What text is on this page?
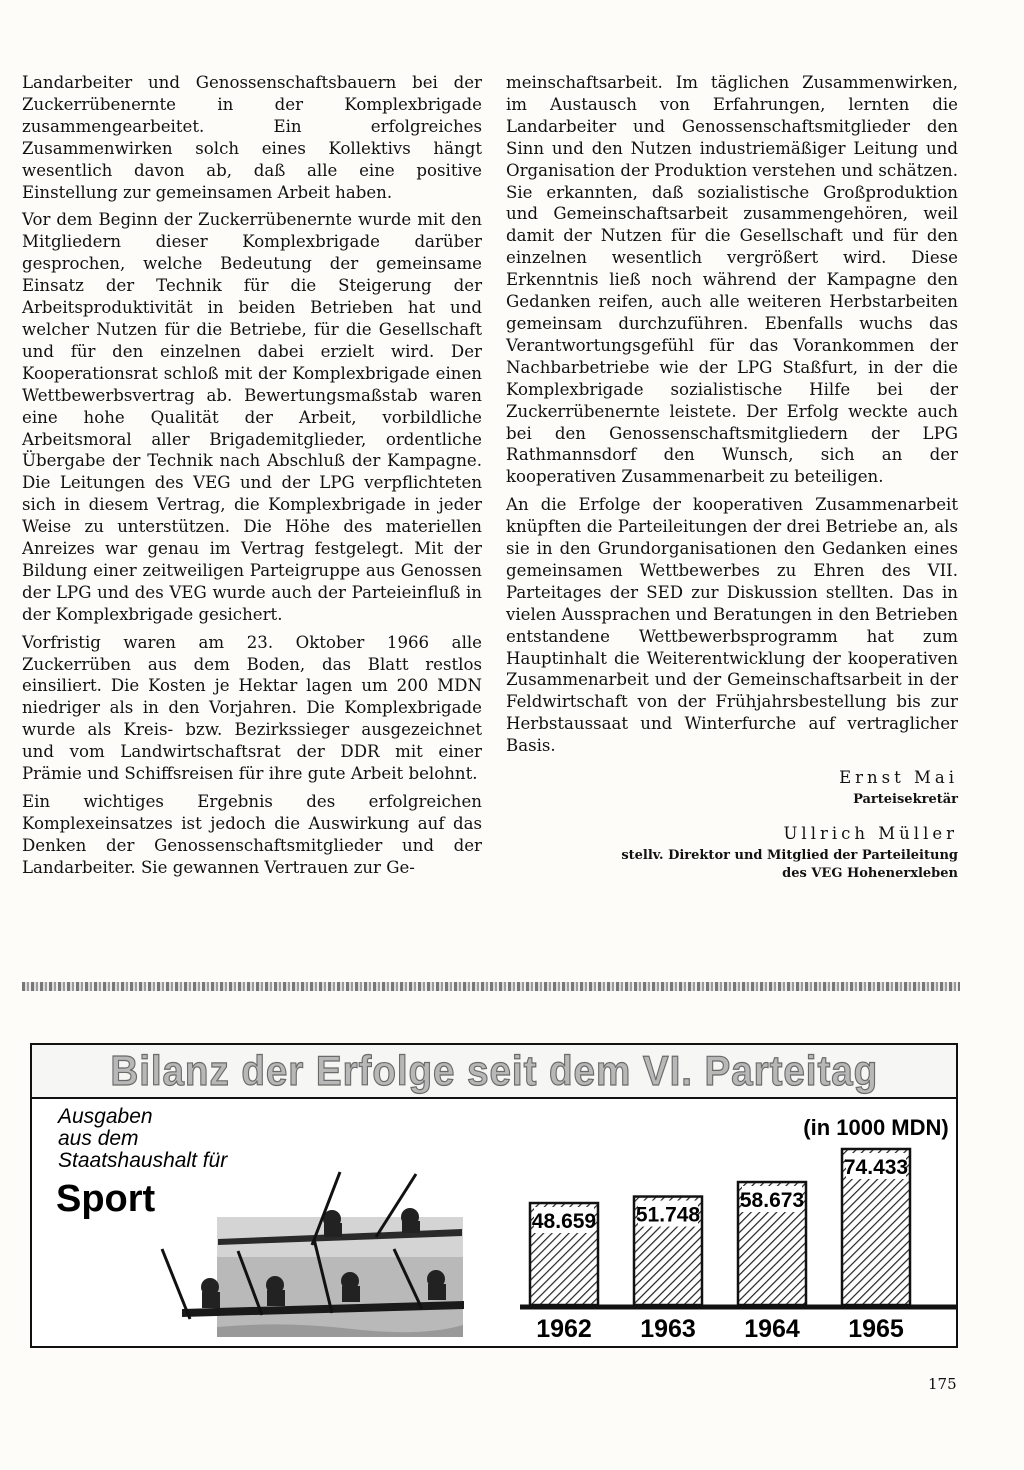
Landarbeiter und Genossenschaftsbauern bei der Zuckerrübenernte in der Komplexbrigade zusammengearbeitet. Ein erfolgreiches Zusammenwirken solch eines Kollektivs hängt wesentlich davon ab, daß alle eine positive Einstellung zur gemeinsamen Arbeit haben.

Vor dem Beginn der Zuckerrübenernte wurde mit den Mitgliedern dieser Komplexbrigade darüber gesprochen, welche Bedeutung der gemeinsame Einsatz der Technik für die Steigerung der Arbeitsproduktivität in beiden Betrieben hat und welcher Nutzen für die Betriebe, für die Gesellschaft und für den einzelnen dabei erzielt wird. Der Kooperationsrat schloß mit der Komplexbrigade einen Wettbewerbsvertrag ab. Bewertungsmaßstab waren eine hohe Qualität der Arbeit, vorbildliche Arbeitsmoral aller Brigademitglieder, ordentliche Übergabe der Technik nach Abschluß der Kampagne. Die Leitungen des VEG und der LPG verpflichteten sich in diesem Vertrag, die Komplexbrigade in jeder Weise zu unterstützen. Die Höhe des materiellen Anreizes war genau im Vertrag festgelegt. Mit der Bildung einer zeitweiligen Parteigruppe aus Genossen der LPG und des VEG wurde auch der Parteieinfluß in der Komplexbrigade gesichert.

Vorfristig waren am 23. Oktober 1966 alle Zuckerrüben aus dem Boden, das Blatt restlos einsiliert. Die Kosten je Hektar lagen um 200 MDN niedriger als in den Vorjahren. Die Komplexbrigade wurde als Kreis- bzw. Bezirkssieger ausgezeichnet und vom Landwirtschaftsrat der DDR mit einer Prämie und Schiffsreisen für ihre gute Arbeit belohnt.

Ein wichtiges Ergebnis des erfolgreichen Komplexeinsatzes ist jedoch die Auswirkung auf das Denken der Genossenschaftsmitglieder und der Landarbeiter. Sie gewannen Vertrauen zur Ge-

meinschaftsarbeit. Im täglichen Zusammenwirken, im Austausch von Erfahrungen, lernten die Landarbeiter und Genossenschaftsmitglieder den Sinn und den Nutzen industriemäßiger Leitung und Organisation der Produktion verstehen und schätzen. Sie erkannten, daß sozialistische Großproduktion und Gemeinschaftsarbeit zusammengehören, weil damit der Nutzen für die Gesellschaft und für den einzelnen wesentlich vergrößert wird. Diese Erkenntnis ließ noch während der Kampagne den Gedanken reifen, auch alle weiteren Herbstarbeiten gemeinsam durchzuführen. Ebenfalls wuchs das Verantwortungsgefühl für das Vorankommen der Nachbarbetriebe wie der LPG Staßfurt, in der die Komplexbrigade sozialistische Hilfe bei der Zuckerrübenernte leistete. Der Erfolg weckte auch bei den Genossenschaftsmitgliedern der LPG Rathmannsdorf den Wunsch, sich an der kooperativen Zusammenarbeit zu beteiligen.

An die Erfolge der kooperativen Zusammenarbeit knüpften die Parteileitungen der drei Betriebe an, als sie in den Grundorganisationen den Gedanken eines gemeinsamen Wettbewerbes zu Ehren des VII. Parteitages der SED zur Diskussion stellten. Das in vielen Aussprachen und Beratungen in den Betrieben entstandene Wettbewerbsprogramm hat zum Hauptinhalt die Weiterentwicklung der kooperativen Zusammenarbeit und der Gemeinschaftsarbeit in der Feldwirtschaft von der Frühjahrsbestellung bis zur Herbstaussaat und Winterfurche auf vertraglicher Basis.

Ernst Mai
Parteisekretär
Ullrich Müller
stellv. Direktor und Mitglied der Parteileitung
des VEG Hohenerxleben
Bilanz der Erfolge seit dem VI. Parteitag
Ausgaben
aus dem
Staatshaushalt für
Sport
(in 1000 MDN)
48.659
1962
51.748
1963
58.673
1964
74.433
1965
175
